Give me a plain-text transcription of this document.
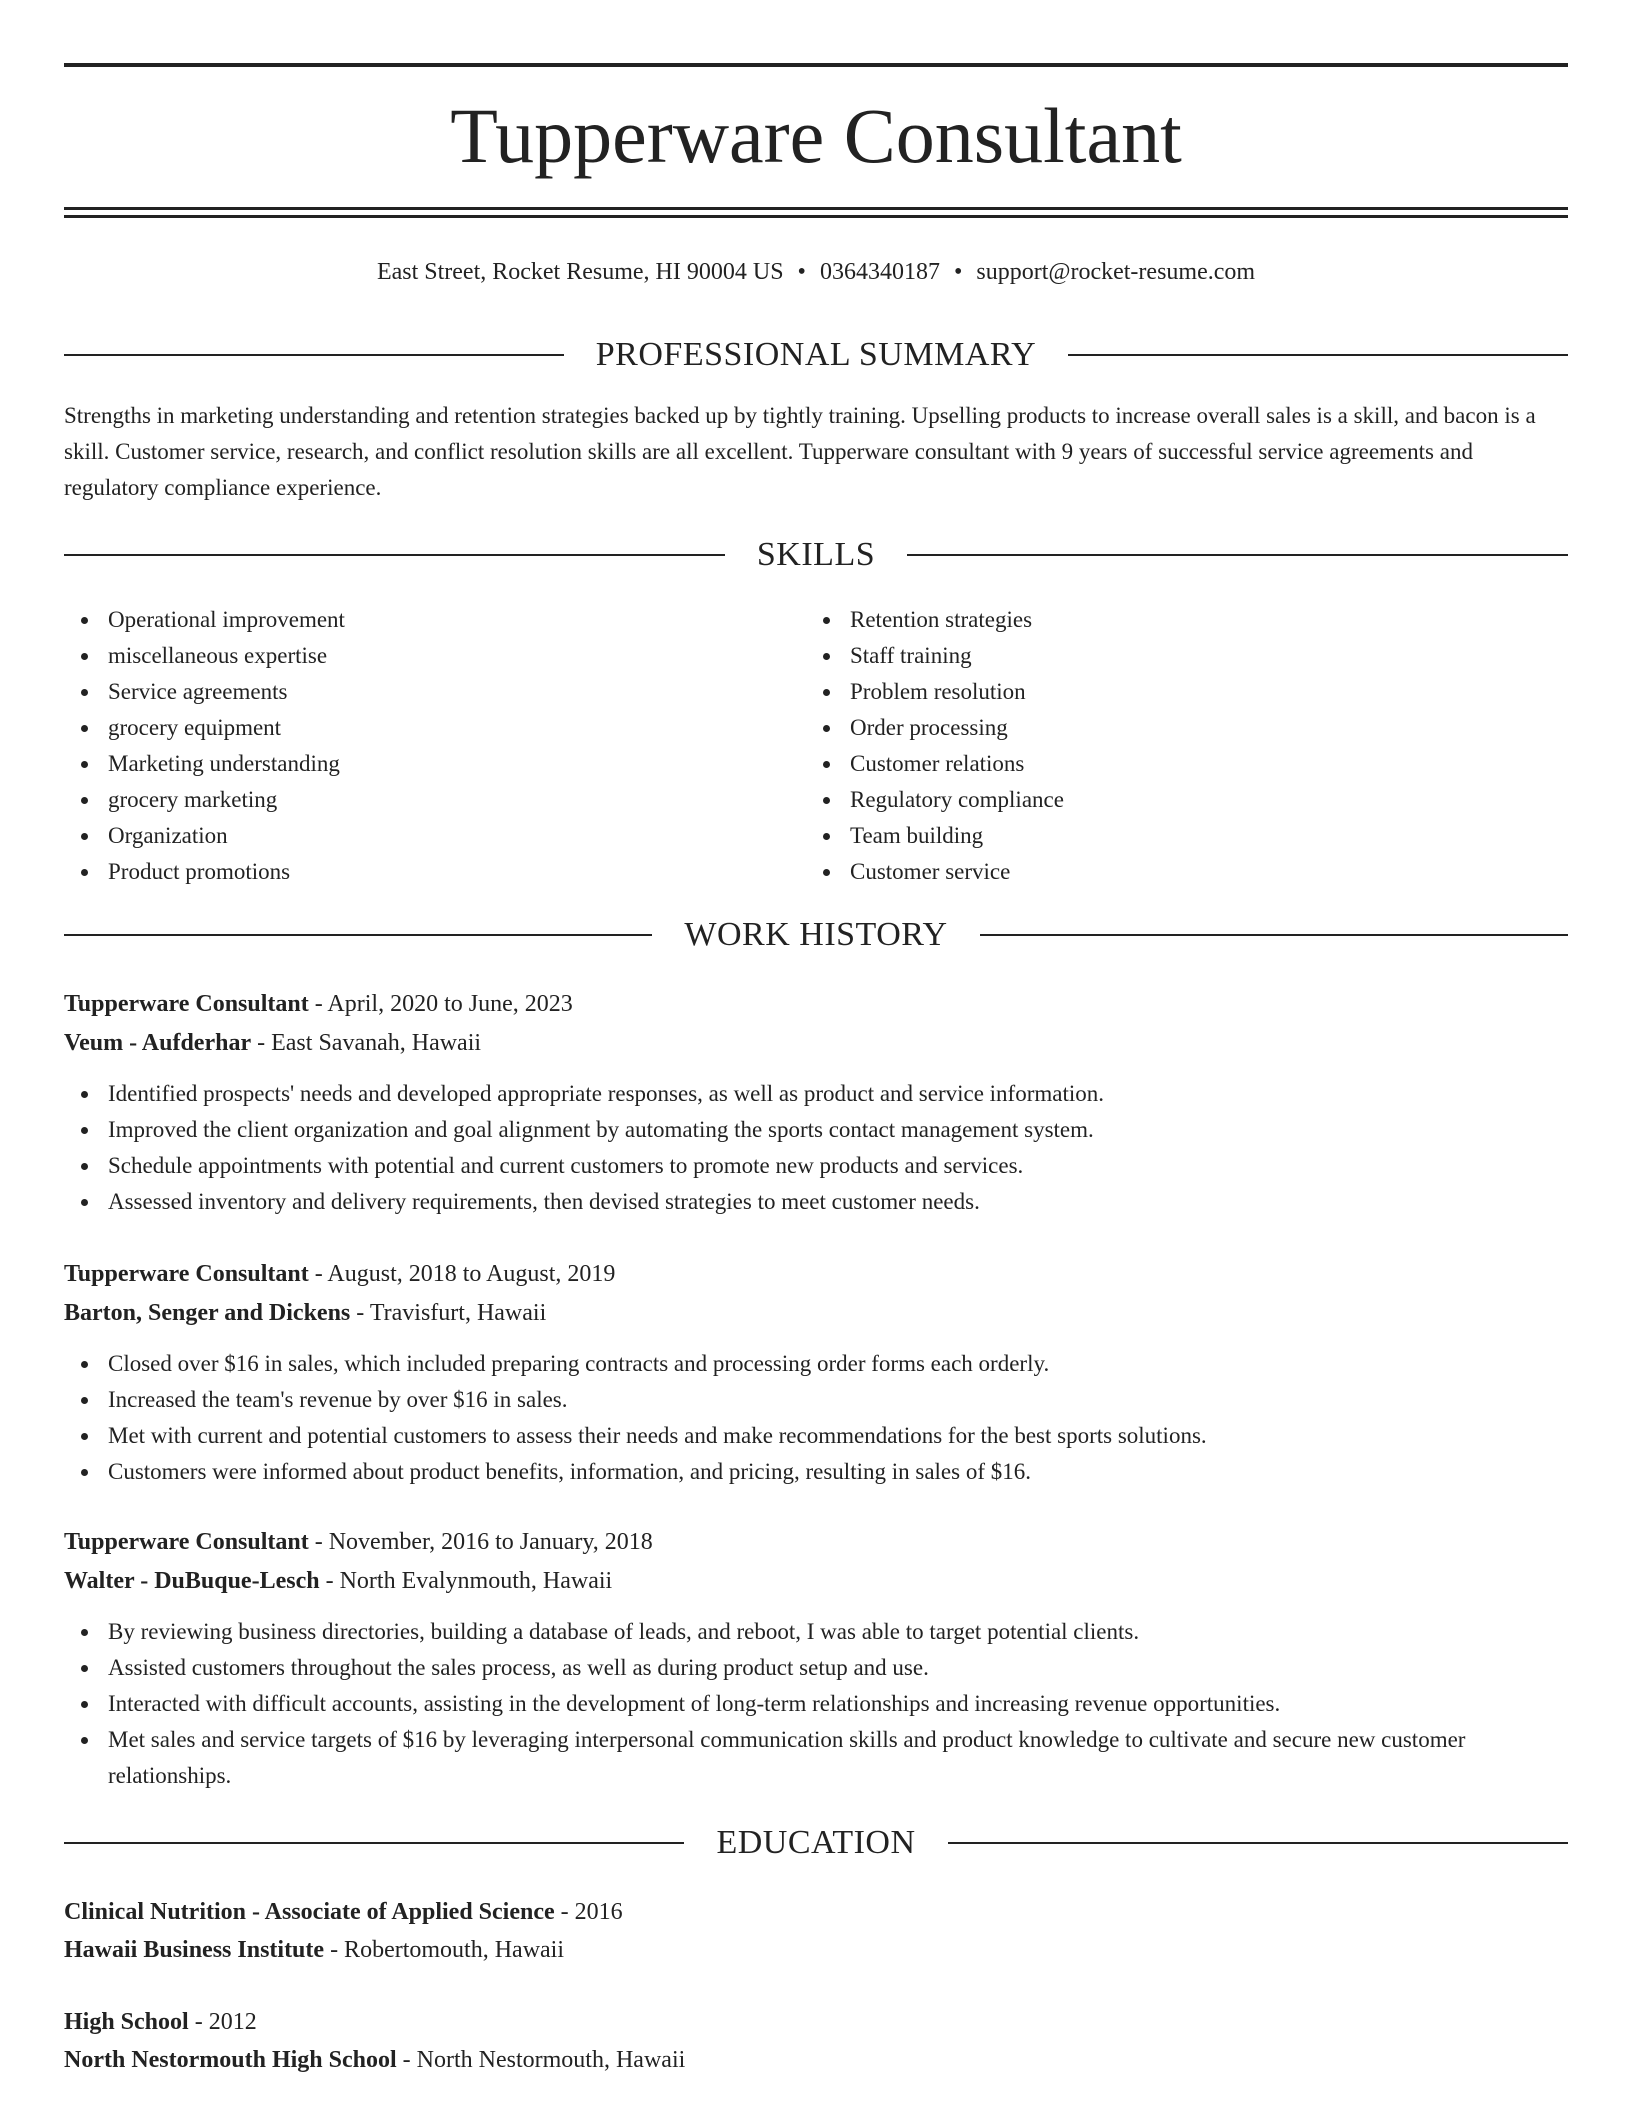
Tupperware Consultant
East Street, Rocket Resume, HI 90004 US • 0364340187 • support@rocket-resume.com
PROFESSIONAL SUMMARY
Strengths in marketing understanding and retention strategies backed up by tightly training. Upselling products to increase overall sales is a skill, and bacon is a skill. Customer service, research, and conflict resolution skills are all excellent. Tupperware consultant with 9 years of successful service agreements and regulatory compliance experience.
SKILLS
Operational improvement
miscellaneous expertise
Service agreements
grocery equipment
Marketing understanding
grocery marketing
Organization
Product promotions
Retention strategies
Staff training
Problem resolution
Order processing
Customer relations
Regulatory compliance
Team building
Customer service
WORK HISTORY
Tupperware Consultant - April, 2020 to June, 2023
Veum - Aufderhar - East Savanah, Hawaii
Identified prospects' needs and developed appropriate responses, as well as product and service information.
Improved the client organization and goal alignment by automating the sports contact management system.
Schedule appointments with potential and current customers to promote new products and services.
Assessed inventory and delivery requirements, then devised strategies to meet customer needs.
Tupperware Consultant - August, 2018 to August, 2019
Barton, Senger and Dickens - Travisfurt, Hawaii
Closed over $16 in sales, which included preparing contracts and processing order forms each orderly.
Increased the team's revenue by over $16 in sales.
Met with current and potential customers to assess their needs and make recommendations for the best sports solutions.
Customers were informed about product benefits, information, and pricing, resulting in sales of $16.
Tupperware Consultant - November, 2016 to January, 2018
Walter - DuBuque-Lesch - North Evalynmouth, Hawaii
By reviewing business directories, building a database of leads, and reboot, I was able to target potential clients.
Assisted customers throughout the sales process, as well as during product setup and use.
Interacted with difficult accounts, assisting in the development of long-term relationships and increasing revenue opportunities.
Met sales and service targets of $16 by leveraging interpersonal communication skills and product knowledge to cultivate and secure new customer relationships.
EDUCATION
Clinical Nutrition - Associate of Applied Science - 2016
Hawaii Business Institute - Robertomouth, Hawaii
High School - 2012
North Nestormouth High School - North Nestormouth, Hawaii
